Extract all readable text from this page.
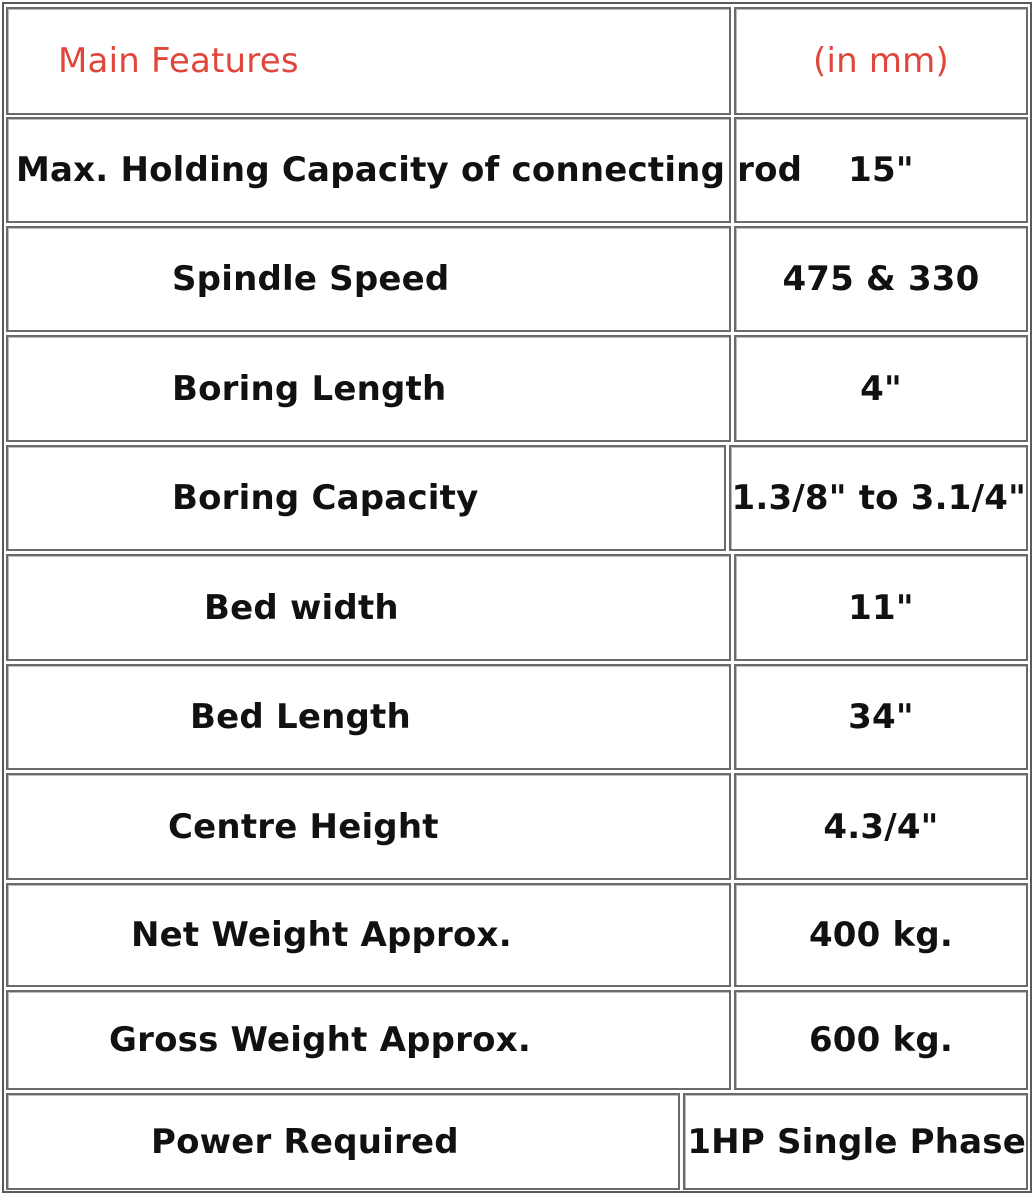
Main Features	(in mm)
Max. Holding Capacity of connecting rod 15"
Spindle Speed	475 & 330
Boring Length	4"
Boring Capacity	1.3/8" to 3.1/4"
Bed width	11"
Bed Length	34"
Centre Height	4.3/4"
Net Weight Approx.	400 kg.
Gross Weight Approx.	600 kg.
Power Required	1HP Single Phase
